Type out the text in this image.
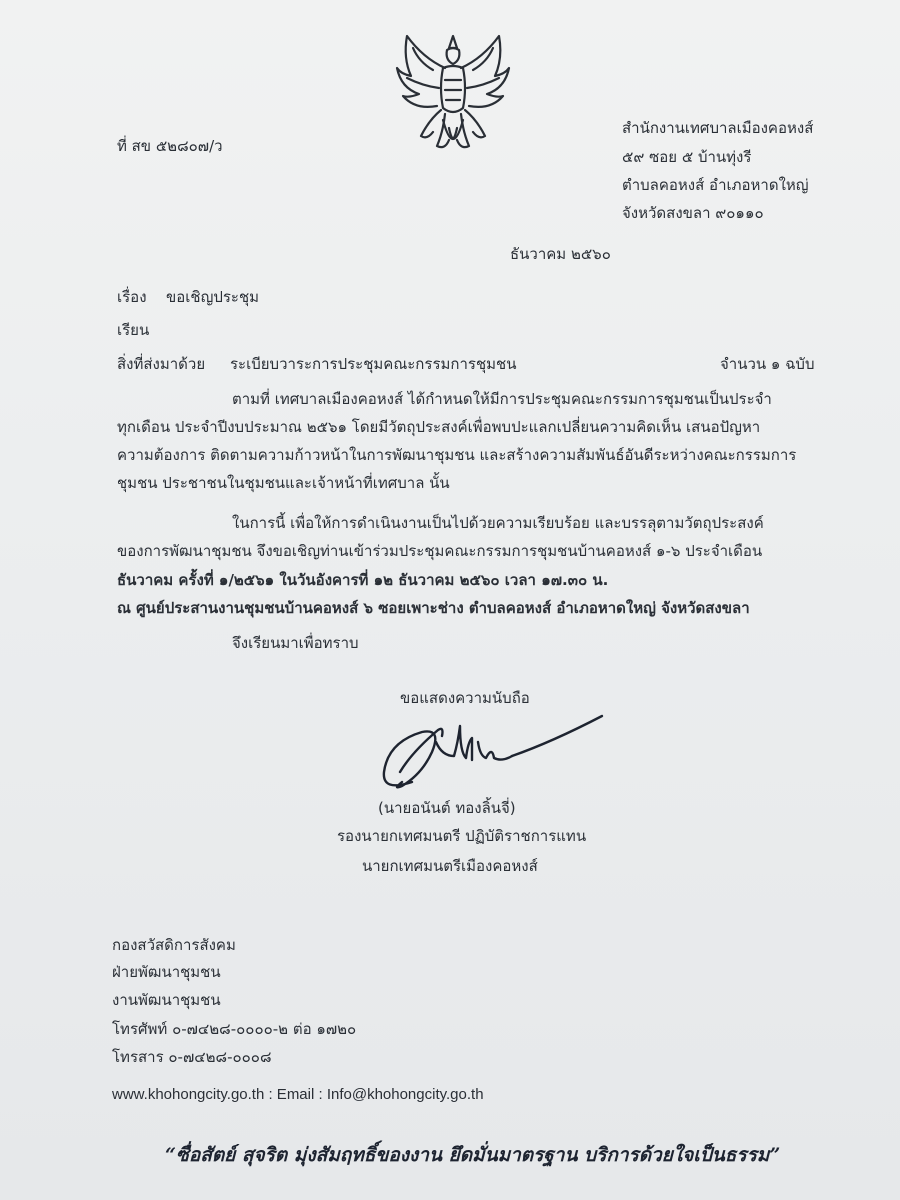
ที่ สข ๕๒๘๐๗/ว
สำนักงานเทศบาลเมืองคอหงส์
๕๙ ซอย ๕ บ้านทุ่งรี
ตำบลคอหงส์ อำเภอหาดใหญ่
จังหวัดสงขลา ๙๐๑๑๐
ธันวาคม ๒๕๖๐
เรื่อง ขอเชิญประชุม
เรียน
สิ่งที่ส่งมาด้วย ระเบียบวาระการประชุมคณะกรรมการชุมชน	จำนวน ๑ ฉบับ
ตามที่ เทศบาลเมืองคอหงส์ ได้กำหนดให้มีการประชุมคณะกรรมการชุมชนเป็นประจำ
ทุกเดือน ประจำปีงบประมาณ ๒๕๖๑ โดยมีวัตถุประสงค์เพื่อพบปะแลกเปลี่ยนความคิดเห็น เสนอปัญหา
ความต้องการ ติดตามความก้าวหน้าในการพัฒนาชุมชน และสร้างความสัมพันธ์อันดีระหว่างคณะกรรมการ
ชุมชน ประชาชนในชุมชนและเจ้าหน้าที่เทศบาล นั้น
ในการนี้ เพื่อให้การดำเนินงานเป็นไปด้วยความเรียบร้อย และบรรลุตามวัตถุประสงค์
ของการพัฒนาชุมชน จึงขอเชิญท่านเข้าร่วมประชุมคณะกรรมการชุมชนบ้านคอหงส์ ๑-๖ ประจำเดือน
ธันวาคม ครั้งที่ ๑/๒๕๖๑ ในวันอังคารที่ ๑๒ ธันวาคม ๒๕๖๐ เวลา ๑๗.๓๐ น.
ณ ศูนย์ประสานงานชุมชนบ้านคอหงส์ ๖ ซอยเพาะช่าง ตำบลคอหงส์ อำเภอหาดใหญ่ จังหวัดสงขลา
จึงเรียนมาเพื่อทราบ
ขอแสดงความนับถือ
(นายอนันต์ ทองลิ้นจี่)
รองนายกเทศมนตรี ปฏิบัติราชการแทน
นายกเทศมนตรีเมืองคอหงส์
กองสวัสดิการสังคม
ฝ่ายพัฒนาชุมชน
งานพัฒนาชุมชน
โทรศัพท์ ๐-๗๔๒๘-๐๐๐๐-๒ ต่อ ๑๗๒๐
โทรสาร ๐-๗๔๒๘-๐๐๐๘
www.khohongcity.go.th : Email : Info@khohongcity.go.th
“ซื่อสัตย์ สุจริต มุ่งสัมฤทธิ์ของงาน ยึดมั่นมาตรฐาน บริการด้วยใจเป็นธรรม”
